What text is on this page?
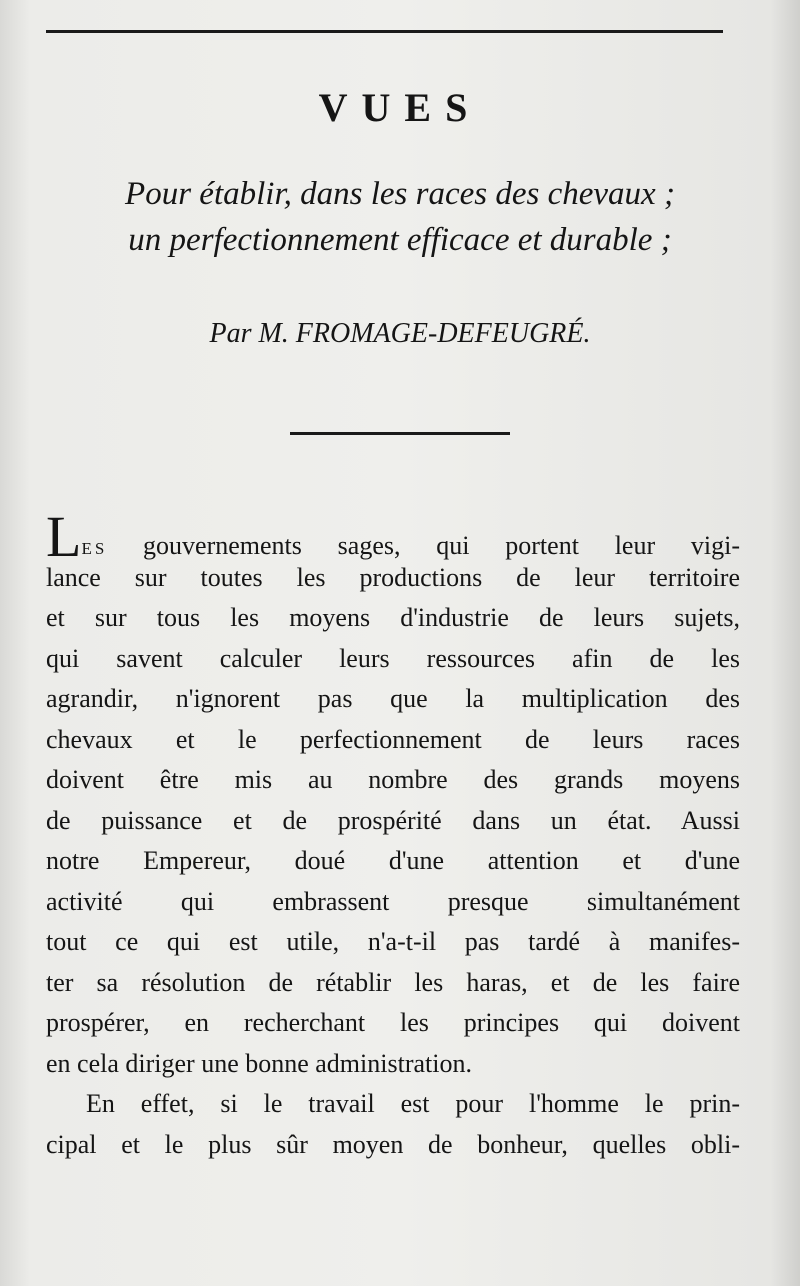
VUES
Pour établir, dans les races des chevaux ;
un perfectionnement efficace et durable ;
Par M. FROMAGE-DEFEUGRÉ.
LES gouvernements sages, qui portent leur vigi-
lance sur toutes les productions de leur territoire
et sur tous les moyens d'industrie de leurs sujets,
qui savent calculer leurs ressources afin de les
agrandir, n'ignorent pas que la multiplication des
chevaux et le perfectionnement de leurs races
doivent être mis au nombre des grands moyens
de puissance et de prospérité dans un état. Aussi
notre Empereur, doué d'une attention et d'une
activité qui embrassent presque simultanément
tout ce qui est utile, n'a-t-il pas tardé à manifes-
ter sa résolution de rétablir les haras, et de les faire
prospérer, en recherchant les principes qui doivent
en cela diriger une bonne administration.
En effet, si le travail est pour l'homme le prin-
cipal et le plus sûr moyen de bonheur, quelles obli-
